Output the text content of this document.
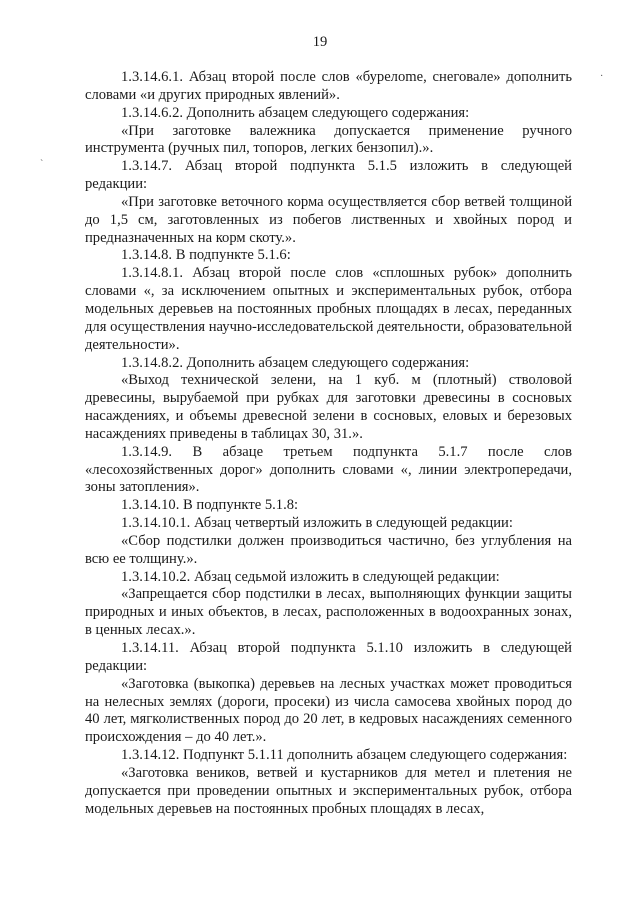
19
·
`

1.3.14.6.1. Абзац второй после слов «бурелome, снеговале» дополнить словами «и других природных явлений».

1.3.14.6.2. Дополнить абзацем следующего содержания:

«При заготовке валежника допускается применение ручного инструмента (ручных пил, топоров, легких бензопил).».

1.3.14.7. Абзац второй подпункта 5.1.5 изложить в следующей редакции:

«При заготовке веточного корма осуществляется сбор ветвей толщиной до 1,5 см, заготовленных из побегов лиственных и хвойных пород и предназначенных на корм скоту.».

1.3.14.8. В подпункте 5.1.6:

1.3.14.8.1. Абзац второй после слов «сплошных рубок» дополнить словами «, за исключением опытных и экспериментальных рубок, отбора модельных деревьев на постоянных пробных площадях в лесах, переданных для осуществления научно-исследовательской деятельности, образовательной деятельности».

1.3.14.8.2. Дополнить абзацем следующего содержания:

«Выход технической зелени, на 1 куб. м (плотный) стволовой древесины, вырубаемой при рубках для заготовки древесины в сосновых насаждениях, и объемы древесной зелени в сосновых, еловых и березовых насаждениях приведены в таблицах 30, 31.».

1.3.14.9. В абзаце третьем подпункта 5.1.7 после слов «лесохозяйственных дорог» дополнить словами «, линии электропередачи, зоны затопления».

1.3.14.10. В подпункте 5.1.8:

1.3.14.10.1. Абзац четвертый изложить в следующей редакции:

«Сбор подстилки должен производиться частично, без углубления на всю ее толщину.».

1.3.14.10.2. Абзац седьмой изложить в следующей редакции:

«Запрещается сбор подстилки в лесах, выполняющих функции защиты природных и иных объектов, в лесах, расположенных в водоохранных зонах, в ценных лесах.».

1.3.14.11. Абзац второй подпункта 5.1.10 изложить в следующей редакции:

«Заготовка (выкопка) деревьев на лесных участках может проводиться на нелесных землях (дороги, просеки) из числа самосева хвойных пород до 40 лет, мягколиственных пород до 20 лет, в кедровых насаждениях семенного происхождения – до 40 лет.».

1.3.14.12. Подпункт 5.1.11 дополнить абзацем следующего содержания:

«Заготовка веников, ветвей и кустарников для метел и плетения не допускается при проведении опытных и экспериментальных рубок, отбора модельных деревьев на постоянных пробных площадях в лесах,
